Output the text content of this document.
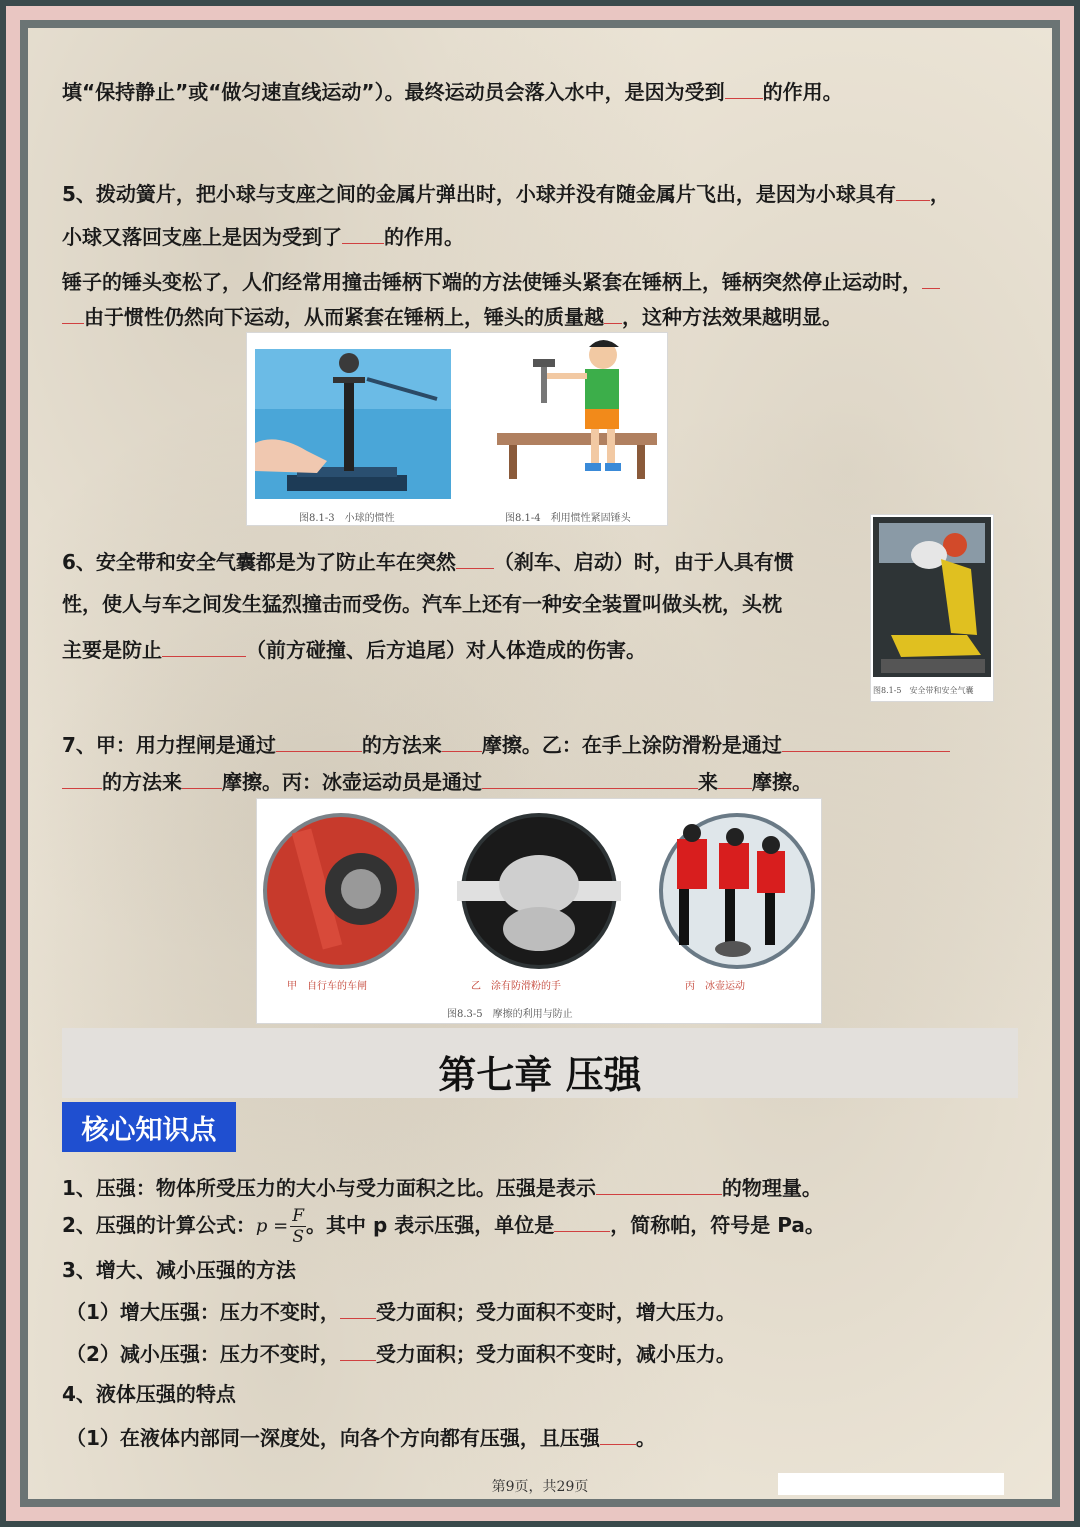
填“保持静止”或“做匀速直线运动”）。最终运动员会落入水中，是因为受到 的作用。
5、拨动簧片，把小球与支座之间的金属片弹出时，小球并没有随金属片飞出，是因为小球具有 ，
小球又落回支座上是因为受到了 的作用。
锤子的锤头变松了，人们经常用撞击锤柄下端的方法使锤头紧套在锤柄上，锤柄突然停止运动时，
由于惯性仍然向下运动，从而紧套在锤柄上，锤头的质量越 ，这种方法效果越明显。
图8.1-3　小球的惯性	图8.1-4　利用惯性紧固锤头
6、安全带和安全气囊都是为了防止车在突然 （刹车、启动）时，由于人具有惯
性，使人与车之间发生猛烈撞击而受伤。汽车上还有一种安全装置叫做头枕，头枕
主要是防止	（前方碰撞、后方追尾）对人体造成的伤害。
图8.1-5　安全带和安全气囊
7、甲：用力捏闸是通过	的方法来 摩擦。乙：在手上涂防滑粉是通过
的方法来 摩擦。丙：冰壶运动员是通过	来 摩擦。
甲　自行车的车闸	乙　涂有防滑粉的手	丙　冰壶运动
图8.3-5　摩擦的利用与防止
第七章 压强
核心知识点
1、压强：物体所受压力的大小与受力面积之比。压强是表示	的物理量。
2、压强的计算公式：$p = \frac{F}{S}$ 。其中 p 表示压强，单位是	，简称帕，符号是 Pa。
3、增大、减小压强的方法
（1）增大压强：压力不变时， 受力面积；受力面积不变时，增大压力。
（2）减小压强：压力不变时， 受力面积；受力面积不变时，减小压力。
4、液体压强的特点
（1）在液体内部同一深度处，向各个方向都有压强，且压强 。
第9页，共29页
